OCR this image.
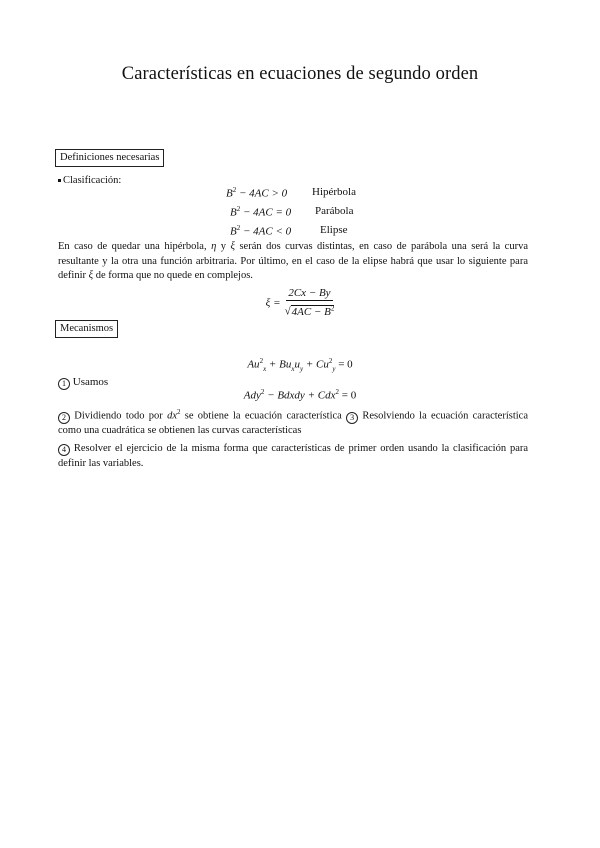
Características en ecuaciones de segundo orden
Definiciones necesarias
Clasificación:
$B^2 - 4AC > 0$ Hipérbola
$B^2 - 4AC = 0$ Parábola
$B^2 - 4AC < 0$	Elipse
En caso de quedar una hipérbola, η y ξ serán dos curvas distintas, en caso de parábola una será la curva resultante y la otra una función arbitraria. Por último, en el caso de la elipse habrá que usar lo siguiente para definir ξ de forma que no quede en complejos.
$\xi = \frac{2Cx - By}{√4AC - B^2}$
Mecanismos
$Au^2_x + Bu_xu_y + Cu^2_y = 0$
1 Usamos
Ady$^2$ − Bdxdy + Cdx$^2$ = 0
2 Dividiendo todo por $dx^2$ se obtiene la ecuación característica 3 Resolviendo la ecuación característica como una cuadrática se obtienen las curvas características
4 Resolver el ejercicio de la misma forma que características de primer orden usando la clasificación para definir las variables.
